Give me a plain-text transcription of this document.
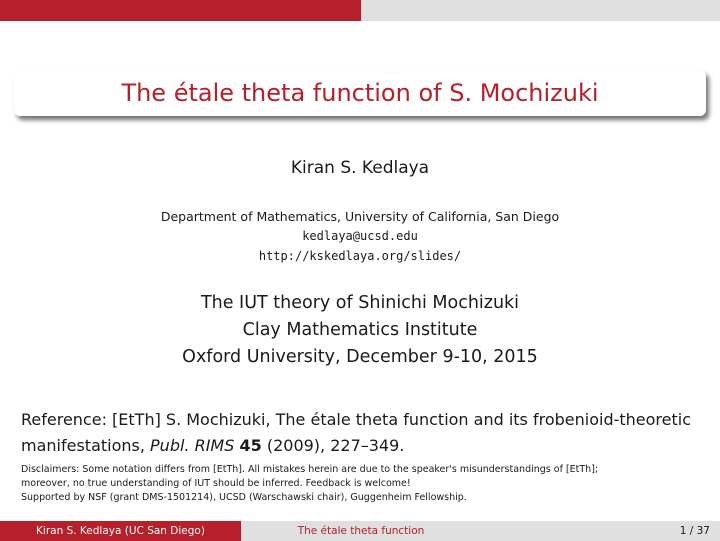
The étale theta function of S. Mochizuki
Kiran S. Kedlaya
Department of Mathematics, University of California, San Diego
kedlaya@ucsd.edu
http://kskedlaya.org/slides/
The IUT theory of Shinichi Mochizuki
Clay Mathematics Institute
Oxford University, December 9-10, 2015
Reference: [EtTh] S. Mochizuki, The étale theta function and its frobenioid-theoretic manifestations, Publ. RIMS 45 (2009), 227–349.
Disclaimers: Some notation differs from [EtTh]. All mistakes herein are due to the speaker's misunderstandings of [EtTh];
moreover, no true understanding of IUT should be inferred. Feedback is welcome!
Supported by NSF (grant DMS-1501214), UCSD (Warschawski chair), Guggenheim Fellowship.
Kiran S. Kedlaya (UC San Diego)	The étale theta function	1 / 37
